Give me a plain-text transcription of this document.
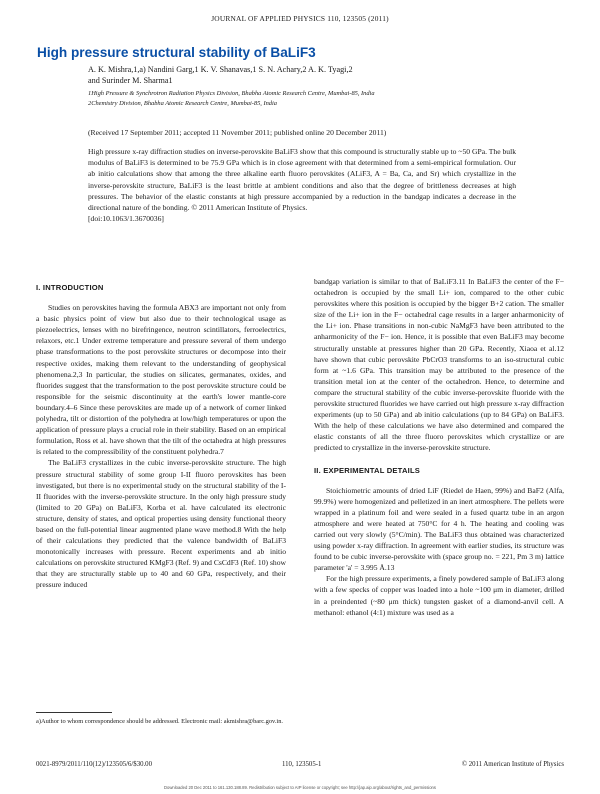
JOURNAL OF APPLIED PHYSICS 110, 123505 (2011)
High pressure structural stability of BaLiF3
A. K. Mishra,1,a) Nandini Garg,1 K. V. Shanavas,1 S. N. Achary,2 A. K. Tyagi,2
and Surinder M. Sharma1
1High Pressure & Synchrotron Radiation Physics Division, Bhabha Atomic Research Centre, Mumbai-85, India
2Chemistry Division, Bhabha Atomic Research Centre, Mumbai-85, India
(Received 17 September 2011; accepted 11 November 2011; published online 20 December 2011)
High pressure x-ray diffraction studies on inverse-perovskite BaLiF3 show that this compound is structurally stable up to ~50 GPa. The bulk modulus of BaLiF3 is determined to be 75.9 GPa which is in close agreement with that determined from a semi-empirical formulation. Our ab initio calculations show that among the three alkaline earth fluoro perovskites (ALiF3, A = Ba, Ca, and Sr) which crystallize in the inverse-perovskite structure, BaLiF3 is the least brittle at ambient conditions and also that the degree of brittleness decreases at high pressures. The behavior of the elastic constants at high pressure accompanied by a reduction in the bandgap indicates a decrease in the directional nature of the bonding. © 2011 American Institute of Physics.
[doi:10.1063/1.3670036]
I. INTRODUCTION

Studies on perovskites having the formula ABX3 are important not only from a basic physics point of view but also due to their technological usage as piezoelectrics, lenses with no birefringence, neutron scintillators, ferroelectrics, relaxors, etc.1 Under extreme temperature and pressure several of them undergo phase transformations to the post perovskite structures or decompose into their respective oxides, making them relevant to the understanding of geophysical phenomena.2,3 In particular, the studies on silicates, germanates, oxides, and fluorides suggest that the transformation to the post perovskite structure could be responsible for the seismic discontinuity at the earth's lower mantle-core boundary.4–6 Since these perovskites are made up of a network of corner linked polyhedra, tilt or distortion of the polyhedra at low/high temperatures or upon the application of pressure plays a crucial role in their stability. Based on an empirical formulation, Ross et al. have shown that the tilt of the octahedra at high pressures is related to the compressibility of the constituent polyhedra.7

The BaLiF3 crystallizes in the cubic inverse-perovskite structure. The high pressure structural stability of some group I-II fluoro perovskites has been investigated, but there is no experimental study on the structural stability of the I-II fluorides with the inverse-perovskite structure. In the only high pressure study (limited to 20 GPa) on BaLiF3, Korba et al. have calculated its electronic structure, density of states, and optical properties using density functional theory based on the full-potential linear augmented plane wave method.8 With the help of their calculations they predicted that the valence bandwidth of BaLiF3 monotonically increases with pressure. Recent experiments and ab initio calculations on perovskite structured KMgF3 (Ref. 9) and CsCdF3 (Ref. 10) show that they are structurally stable up to 40 and 60 GPa, respectively, and their pressure induced

bandgap variation is similar to that of BaLiF3.11 In BaLiF3 the center of the F− octahedron is occupied by the small Li+ ion, compared to the other cubic perovskites where this position is occupied by the bigger B+2 cation. The smaller size of the Li+ ion in the F− octahedral cage results in a larger anharmonicity of the Li+ ion. Phase transitions in non-cubic NaMgF3 have been attributed to the anharmonicity of the F− ion. Hence, it is possible that even BaLiF3 may become structurally unstable at pressures higher than 20 GPa. Recently, Xiaoa et al.12 have shown that cubic perovskite PbCrO3 transforms to an iso-structural cubic form at ~1.6 GPa. This transition may be attributed to the presence of the transition metal ion at the center of the octahedron. Hence, to determine and compare the structural stability of the cubic inverse-perovskite fluoride with the perovskite structured fluorides we have carried out high pressure x-ray diffraction experiments (up to 50 GPa) and ab initio calculations (up to 84 GPa) on BaLiF3. With the help of these calculations we have also determined and compared the elastic constants of all the three fluoro perovskites which crystallize or are predicted to crystallize in the inverse-perovskite structure.

II. EXPERIMENTAL DETAILS

Stoichiometric amounts of dried LiF (Riedel de Haen, 99%) and BaF2 (Alfa, 99.9%) were homogenized and pelletized in an inert atmosphere. The pellets were wrapped in a platinum foil and were sealed in a fused quartz tube in an argon atmosphere and were heated at 750°C for 4 h. The heating and cooling was carried out very slowly (5°C/min). The BaLiF3 thus obtained was characterized using powder x-ray diffraction. In agreement with earlier studies, its structure was found to be cubic inverse-perovskite with (space group no. = 221, Pm 3 m) lattice parameter 'a' = 3.995 Å.13

For the high pressure experiments, a finely powdered sample of BaLiF3 along with a few specks of copper was loaded into a hole ~100 μm in diameter, drilled in a preindented (~80 μm thick) tungsten gasket of a diamond-anvil cell. A methanol: ethanol (4:1) mixture was used as a

a)Author to whom correspondence should be addressed. Electronic mail: akmishra@barc.gov.in.
0021-8979/2011/110(12)/123505/6/$30.00	110, 123505-1	© 2011 American Institute of Physics
Downloaded 20 Dec 2011 to 161.130.188.89. Redistribution subject to AIP license or copyright; see http://jap.aip.org/about/rights_and_permissions
